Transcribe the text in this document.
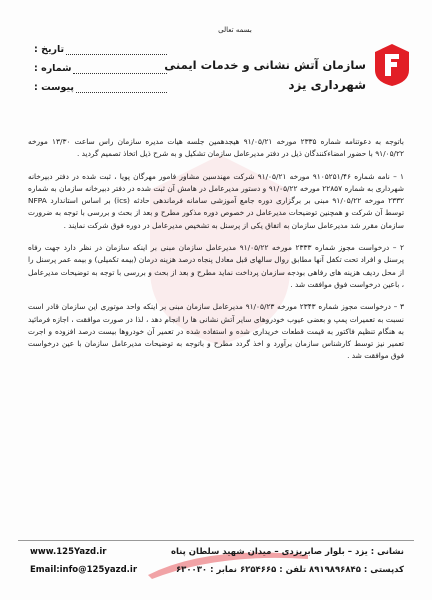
بسمه تعالی
تاریخ :
شماره :
پیوست :
سازمان آتش نشانی و خدمات ایمنی
شهرداری یزد

باتوجه به دعوتنامه شماره ۲۳۳۵ مورخه ۹۱/۰۵/۲۱ هیجدهمین جلسه هیات مدیره سازمان راس ساعت ۱۳/۳۰ مورخه ۹۱/۰۵/۲۲ با حضور امضاءکنندگان ذیل در دفتر مدیرعامل سازمان تشکیل و به شرح ذیل اتخاذ تصمیم گردید .

۱ – نامه شماره ۹۱۰۵۲۵۱/۴۶ مورخه ۹۱/۰۵/۲۱ شرکت مهندسین مشاور فامور مهرگان پویا ، ثبت شده در دفتر دبیرخانه شهرداری به شماره ۲۲۸۵۷ مورخه ۹۱/۰۵/۲۲ و دستور مدیرعامل در هامش آن ثبت شده در دفتر دبیرخانه سازمان به شماره ۲۳۳۲ مورخه ۹۱/۰۵/۲۲ مبنی بر برگزاری دوره جامع آموزشی سامانه فرماندهی حادثه (ics) بر اساس استاندارد NFPA توسط آن شرکت و همچنین توضیحات مدیرعامل در خصوص دوره مذکور مطرح و بعد از بحث و بررسی با توجه به ضرورت سازمان مقرر شد مدیرعامل سازمان به اتفاق یکی از پرسنل به تشخیص مدیرعامل در دوره فوق شرکت نمایند .

۲ – درخواست مجوز شماره ۲۳۳۳ مورخه ۹۱/۰۵/۲۲ مدیرعامل سازمان مبنی بر اینکه سازمان در نظر دارد جهت رفاه پرسنل و افراد تحت تکفل آنها مطابق روال سالهای قبل معادل پنجاه درصد هزینه درمان (بیمه تکمیلی) و بیمه عمر پرسنل را از محل ردیف هزینه های رفاهی بودجه سازمان پرداخت نماید مطرح و بعد از بحث و بررسی با توجه به توضیحات مدیرعامل ، باعین درخواست فوق موافقت شد .

۳ – درخواست مجوز شماره ۲۳۴۳ مورخه ۹۱/۰۵/۲۳ مدیرعامل سازمان مبنی بر اینکه واحد موتوری این سازمان قادر است نسبت به تعمیرات پمپ و بعضی عیوب خودروهای سایر آتش نشانی ها را انجام دهد ، لذا در صورت موافقت ، اجازه فرمائید به هنگام تنظیم فاکتور به قیمت قطعات خریداری شده و استفاده شده در تعمیر آن خودروها بیست درصد افزوده و اجرت تعمیر نیز توسط کارشناس سازمان برآورد و اخذ گردد مطرح و باتوجه به توضیحات مدیرعامل سازمان با عین درخواست فوق موافقت شد .

www.125Yazd.ir
Email:info@125yazd.ir
نشانی : یزد – بلوار صابریزدی – میدان شهید سلطان پناه
کدپستی : ۸۹۱۹۸۹۶۸۴۵ تلفن : ۶۲۵۴۶۶۵ نمابر : ۶۳۰۰۳۰
